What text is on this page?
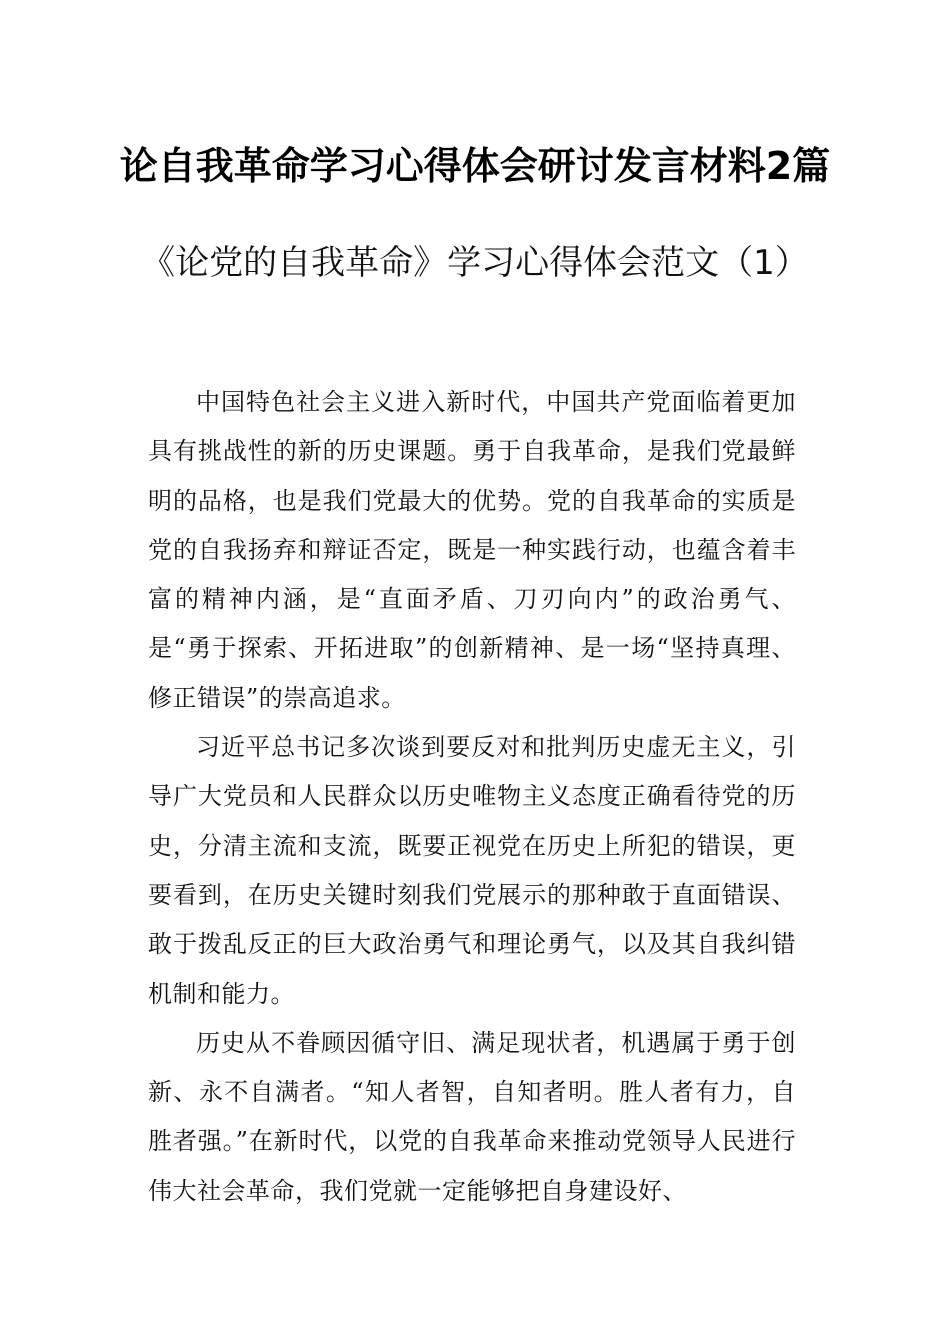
论自我革命学习心得体会研讨发言材料2篇
《论党的自我革命》学习心得体会范文（1）

中国特色社会主义进入新时代，中国共产党面临着更加具有挑战性的新的历史课题。勇于自我革命，是我们党最鲜明的品格，也是我们党最大的优势。党的自我革命的实质是党的自我扬弃和辩证否定，既是一种实践行动，也蕴含着丰富的精神内涵，是“直面矛盾、刀刃向内”的政治勇气、是“勇于探索、开拓进取”的创新精神、是一场“坚持真理、修正错误”的崇高追求。

习近平总书记多次谈到要反对和批判历史虚无主义，引导广大党员和人民群众以历史唯物主义态度正确看待党的历史，分清主流和支流，既要正视党在历史上所犯的错误，更要看到，在历史关键时刻我们党展示的那种敢于直面错误、敢于拨乱反正的巨大政治勇气和理论勇气，以及其自我纠错机制和能力。

历史从不眷顾因循守旧、满足现状者，机遇属于勇于创新、永不自满者。“知人者智，自知者明。胜人者有力，自胜者强。”在新时代，以党的自我革命来推动党领导人民进行伟大社会革命，我们党就一定能够把自身建设好、
